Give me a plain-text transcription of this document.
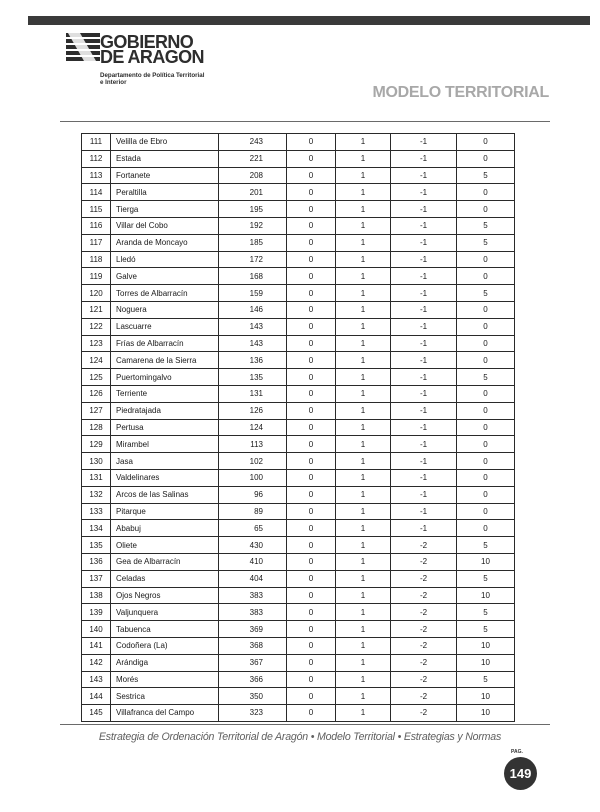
GOBIERNO
DE ARAGON
Departamento de Política Territorial
e Interior
MODELO TERRITORIAL
111	Velilla de Ebro	243	0	1	-1	0
112	Estada	221	0	1	-1	0
113	Fortanete	208	0	1	-1	5
114	Peraltilla	201	0	1	-1	0
115	Tierga	195	0	1	-1	0
116	Villar del Cobo	192	0	1	-1	5
117	Aranda de Moncayo	185	0	1	-1	5
118	Lledó	172	0	1	-1	0
119	Galve	168	0	1	-1	0
120	Torres de Albarracín	159	0	1	-1	5
121	Noguera	146	0	1	-1	0
122	Lascuarre	143	0	1	-1	0
123	Frías de Albarracín	143	0	1	-1	0
124	Camarena de la Sierra	136	0	1	-1	0
125	Puertomingalvo	135	0	1	-1	5
126	Terriente	131	0	1	-1	0
127	Piedratajada	126	0	1	-1	0
128	Pertusa	124	0	1	-1	0
129	Mirambel	113	0	1	-1	0
130	Jasa	102	0	1	-1	0
131	Valdelinares	100	0	1	-1	0
132	Arcos de las Salinas	96	0	1	-1	0
133	Pitarque	89	0	1	-1	0
134	Ababuj	65	0	1	-1	0
135	Oliete	430	0	1	-2	5
136	Gea de Albarracín	410	0	1	-2	10
137	Celadas	404	0	1	-2	5
138	Ojos Negros	383	0	1	-2	10
139	Valjunquera	383	0	1	-2	5
140	Tabuenca	369	0	1	-2	5
141	Codoñera (La)	368	0	1	-2	10
142	Arándiga	367	0	1	-2	10
143	Morés	366	0	1	-2	5
144	Sestrica	350	0	1	-2	10
145	Villafranca del Campo	323	0	1	-2	10
Estrategia de Ordenación Territorial de Aragón • Modelo Territorial • Estrategias y Normas
PAG.
149
